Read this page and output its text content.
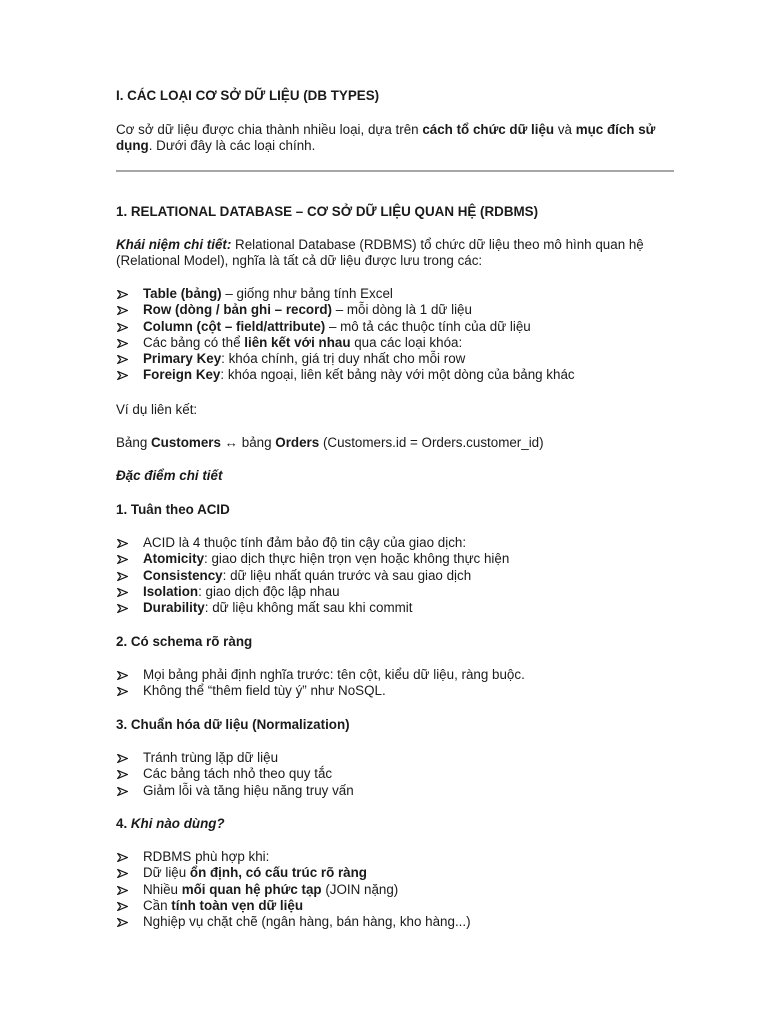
I. CÁC LOẠI CƠ SỞ DỮ LIỆU (DB TYPES)

Cơ sở dữ liệu được chia thành nhiều loại, dựa trên cách tổ chức dữ liệu và mục đích sử dụng. Dưới đây là các loại chính.

1. RELATIONAL DATABASE – CƠ SỞ DỮ LIỆU QUAN HỆ (RDBMS)

Khái niệm chi tiết: Relational Database (RDBMS) tổ chức dữ liệu theo mô hình quan hệ (Relational Model), nghĩa là tất cả dữ liệu được lưu trong các:

Table (bảng) – giống như bảng tính Excel
Row (dòng / bản ghi – record) – mỗi dòng là 1 dữ liệu
Column (cột – field/attribute) – mô tả các thuộc tính của dữ liệu
Các bảng có thể liên kết với nhau qua các loại khóa:
Primary Key: khóa chính, giá trị duy nhất cho mỗi row
Foreign Key: khóa ngoại, liên kết bảng này với một dòng của bảng khác

Ví dụ liên kết:

Bảng Customers ↔ bảng Orders (Customers.id = Orders.customer_id)

Đặc điểm chi tiết

1. Tuân theo ACID

ACID là 4 thuộc tính đảm bảo độ tin cậy của giao dịch:
Atomicity: giao dịch thực hiện trọn vẹn hoặc không thực hiện
Consistency: dữ liệu nhất quán trước và sau giao dịch
Isolation: giao dịch độc lập nhau
Durability: dữ liệu không mất sau khi commit

2. Có schema rõ ràng

Mọi bảng phải định nghĩa trước: tên cột, kiểu dữ liệu, ràng buộc.
Không thể “thêm field tùy ý” như NoSQL.

3. Chuẩn hóa dữ liệu (Normalization)

Tránh trùng lặp dữ liệu
Các bảng tách nhỏ theo quy tắc
Giảm lỗi và tăng hiệu năng truy vấn

4. Khi nào dùng?

RDBMS phù hợp khi:
Dữ liệu ổn định, có cấu trúc rõ ràng
Nhiều mối quan hệ phức tạp (JOIN nặng)
Cần tính toàn vẹn dữ liệu
Nghiệp vụ chặt chẽ (ngân hàng, bán hàng, kho hàng...)
